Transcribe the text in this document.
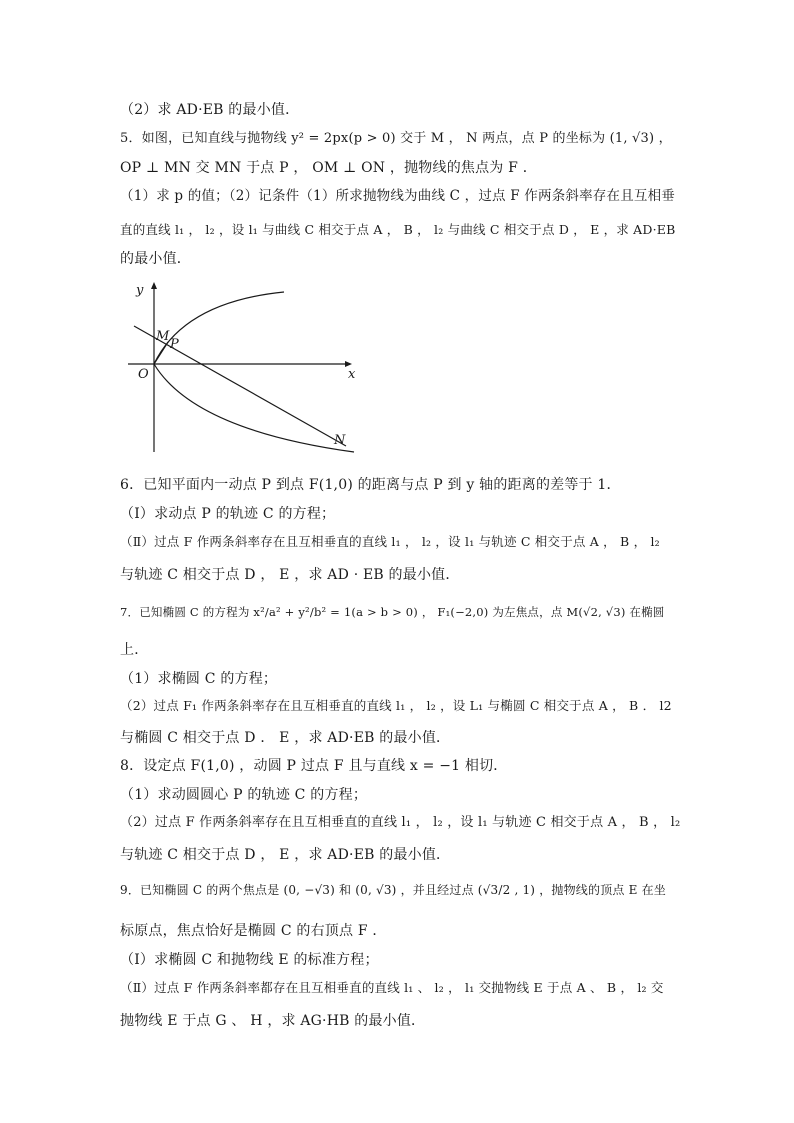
（2）求 AD·EB 的最小值．
5．如图，已知直线与抛物线 y² = 2px(p > 0) 交于 M ， N 两点，点 P 的坐标为 (1, √3) ，
OP ⊥ MN 交 MN 于点 P ， OM ⊥ ON ，抛物线的焦点为 F ．
（1）求 p 的值；（2）记条件（1）所求抛物线为曲线 C ，过点 F 作两条斜率存在且互相垂
直的直线 l₁ ， l₂ ，设 l₁ 与曲线 C 相交于点 A ， B ， l₂ 与曲线 C 相交于点 D ， E ，求 AD·EB
的最小值．
y
x
O
M
P
N
6．已知平面内一动点 P 到点 F(1,0) 的距离与点 P 到 y 轴的距离的差等于 1．
（Ⅰ）求动点 P 的轨迹 C 的方程；
（Ⅱ）过点 F 作两条斜率存在且互相垂直的直线 l₁ ， l₂ ，设 l₁ 与轨迹 C 相交于点 A ， B ， l₂
与轨迹 C 相交于点 D ， E ，求 AD · EB 的最小值．
7．已知椭圆 C 的方程为 x²/a² + y²/b² = 1(a > b > 0) ， F₁(−2,0) 为左焦点，点 M(√2, √3) 在椭圆
上．
（1）求椭圆 C 的方程；
（2）过点 F₁ 作两条斜率存在且互相垂直的直线 l₁ ， l₂ ，设 L₁ 与椭圆 C 相交于点 A ， B ． l2
与椭圆 C 相交于点 D ． E ，求 AD·EB 的最小值．
8．设定点 F(1,0) ，动圆 P 过点 F 且与直线 x = −1 相切．
（1）求动圆圆心 P 的轨迹 C 的方程；
（2）过点 F 作两条斜率存在且互相垂直的直线 l₁ ， l₂ ，设 l₁ 与轨迹 C 相交于点 A ， B ， l₂
与轨迹 C 相交于点 D ， E ，求 AD·EB 的最小值．
9．已知椭圆 C 的两个焦点是 (0, −√3) 和 (0, √3) ，并且经过点 (√3/2 , 1) ，抛物线的顶点 E 在坐
标原点，焦点恰好是椭圆 C 的右顶点 F ．
（Ⅰ）求椭圆 C 和抛物线 E 的标准方程；
（Ⅱ）过点 F 作两条斜率都存在且互相垂直的直线 l₁ 、 l₂ ， l₁ 交抛物线 E 于点 A 、 B ， l₂ 交
抛物线 E 于点 G 、 H ，求 AG·HB 的最小值．
